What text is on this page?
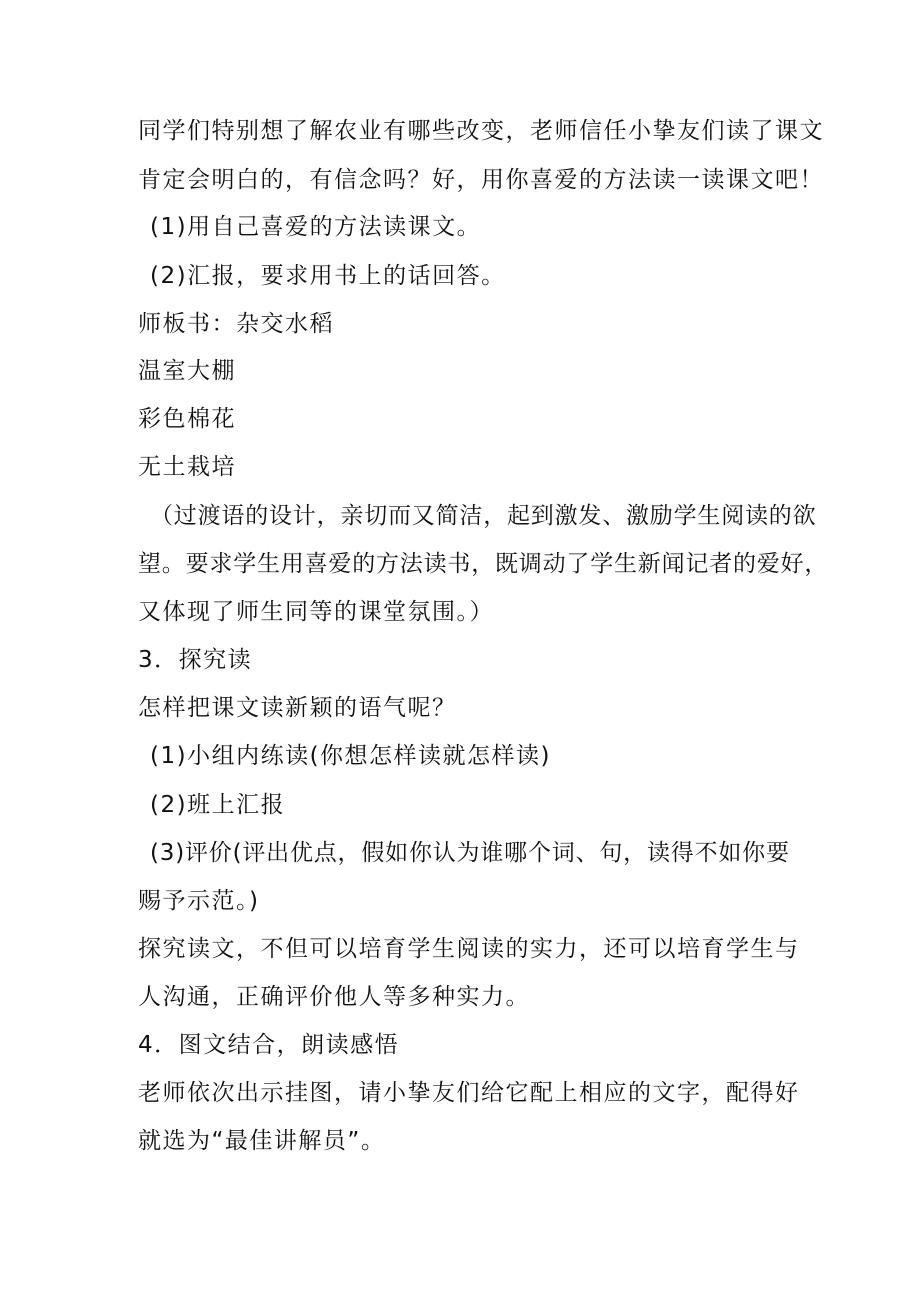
同学们特别想了解农业有哪些改变，老师信任小挚友们读了课文
肯定会明白的，有信念吗？好，用你喜爱的方法读一读课文吧！
(1)用自己喜爱的方法读课文。
(2)汇报，要求用书上的话回答。
师板书：杂交水稻
温室大棚
彩色棉花
无土栽培
（过渡语的设计，亲切而又简洁，起到激发、激励学生阅读的欲
望。要求学生用喜爱的方法读书，既调动了学生新闻记者的爱好，
又体现了师生同等的课堂氛围。）
3．探究读
怎样把课文读新颖的语气呢？
(1)小组内练读(你想怎样读就怎样读)
(2)班上汇报
(3)评价(评出优点，假如你认为谁哪个词、句，读得不如你要
赐予示范。)
探究读文，不但可以培育学生阅读的实力，还可以培育学生与
人沟通，正确评价他人等多种实力。
4．图文结合，朗读感悟
老师依次出示挂图，请小挚友们给它配上相应的文字，配得好
就选为“最佳讲解员”。
